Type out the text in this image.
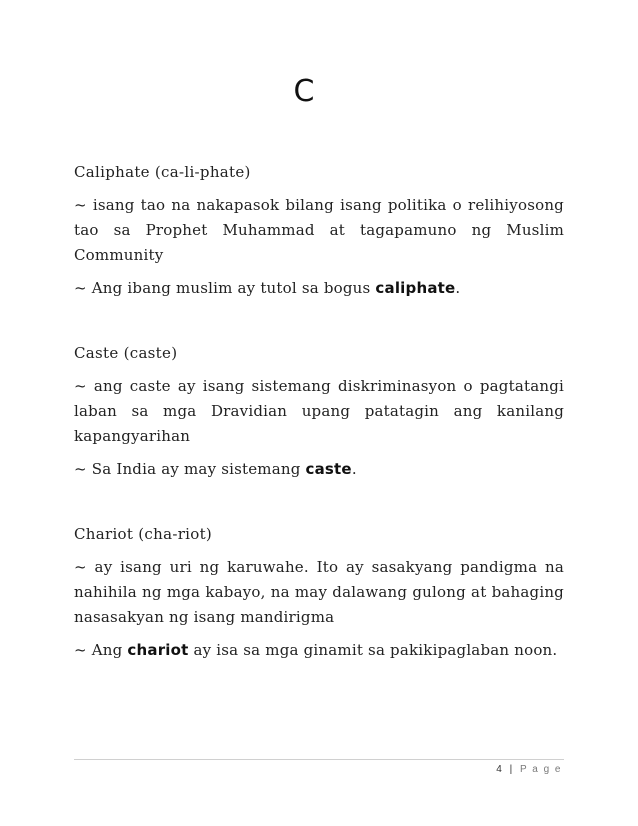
C

Caliphate (ca-li-phate)

~ isang tao na nakapasok bilang isang politika o relihiyosong tao sa Prophet Muhammad at tagapamuno ng Muslim Community

~ Ang ibang muslim ay tutol sa bogus caliphate.

Caste (caste)

~ ang caste ay isang sistemang diskriminasyon o pagtatangi laban sa mga Dravidian upang patatagin ang kanilang kapangyarihan

~ Sa India ay may sistemang caste.

Chariot (cha-riot)

~ ay isang uri ng karuwahe. Ito ay sasakyang pandigma na nahihila ng mga kabayo, na may dalawang gulong at bahaging nasasakyan ng isang mandirigma

~ Ang chariot ay isa sa mga ginamit sa pakikipaglaban noon.

4 | P a g e
